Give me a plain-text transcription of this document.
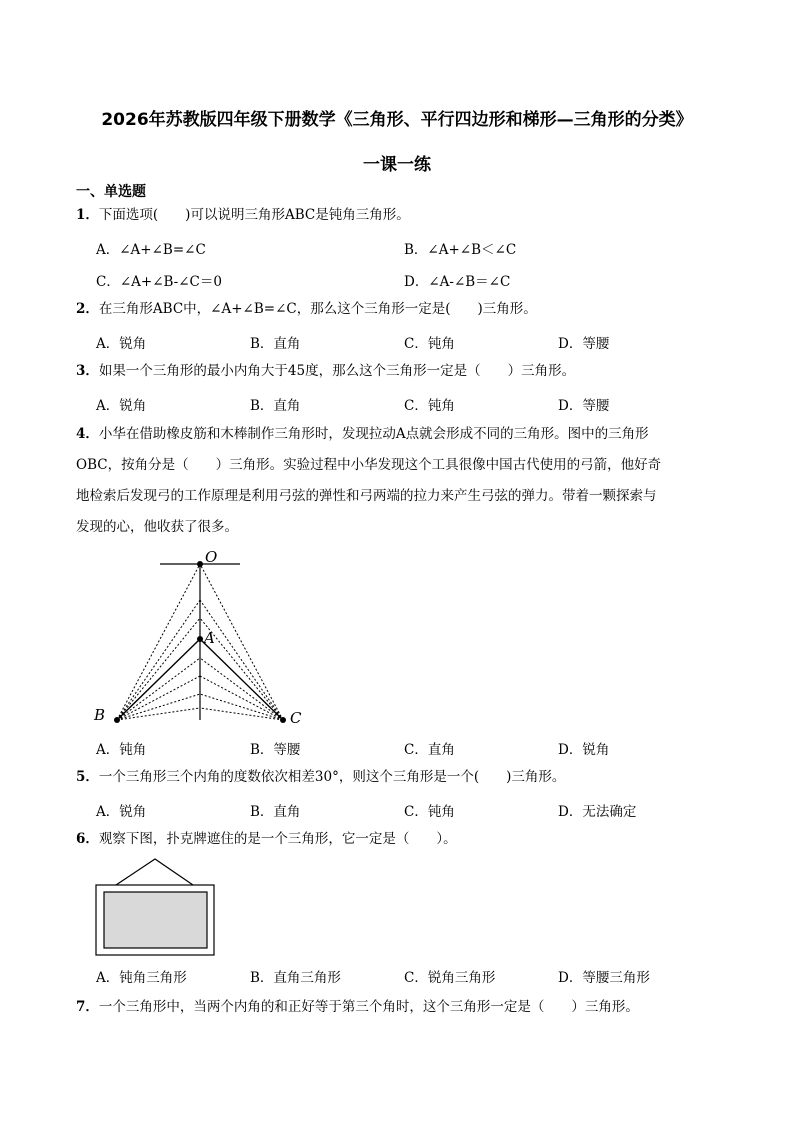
2026年苏教版四年级下册数学《三角形、平行四边形和梯形—三角形的分类》
一课一练
一、单选题
1．下面选项(　　)可以说明三角形ABC是钝角三角形。
A．∠A+∠B=∠C	B．∠A+∠B＜∠C
C．∠A+∠B-∠C＝0	D．∠A-∠B＝∠C
2．在三角形ABC中，∠A+∠B=∠C，那么这个三角形一定是(　　)三角形。
A．锐角	B．直角	C．钝角	D．等腰
3．如果一个三角形的最小内角大于45度，那么这个三角形一定是（　　）三角形。
A．锐角	B．直角	C．钝角	D．等腰
4．小华在借助橡皮筋和木棒制作三角形时，发现拉动A点就会形成不同的三角形。图中的三角形
OBC，按角分是（　　）三角形。实验过程中小华发现这个工具很像中国古代使用的弓箭，他好奇
地检索后发现弓的工作原理是利用弓弦的弹性和弓两端的拉力来产生弓弦的弹力。带着一颗探索与
发现的心，他收获了很多。
O
A
B	C
A．钝角	B．等腰	C．直角	D．锐角
5．一个三角形三个内角的度数依次相差30°，则这个三角形是一个(　　)三角形。
A．锐角	B．直角	C．钝角	D．无法确定
6．观察下图，扑克牌遮住的是一个三角形，它一定是（　　）。
A．钝角三角形	B．直角三角形	C．锐角三角形	D．等腰三角形
7．一个三角形中，当两个内角的和正好等于第三个角时，这个三角形一定是（　　）三角形。
